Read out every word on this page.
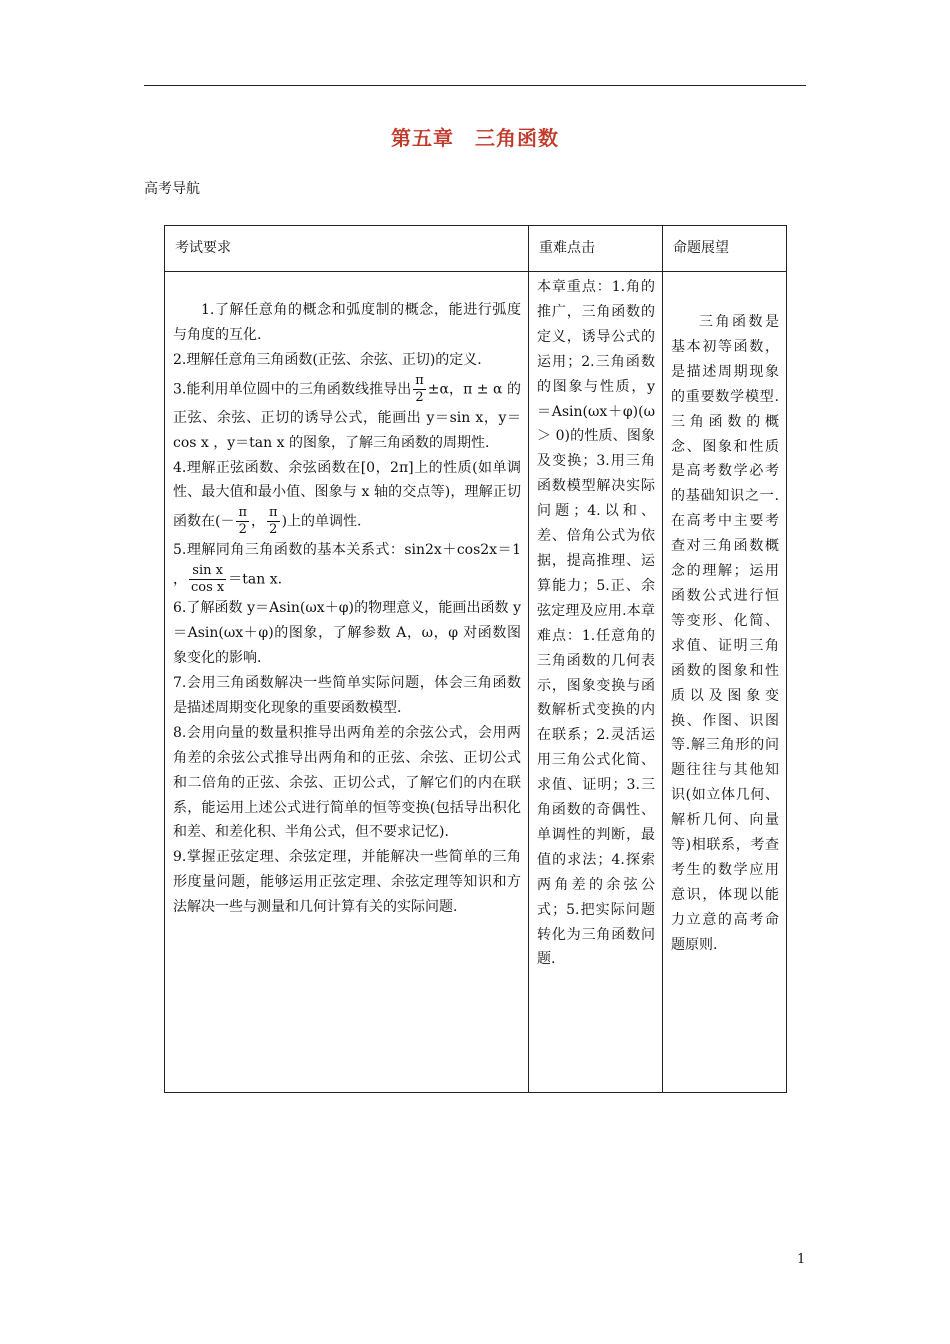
第五章　三角函数
高考导航
考试要求	重难点击	命题展望

1.了解任意角的概念和弧度制的概念，能进行弧度与角度的互化.

2.理解任意角三角函数(正弦、余弦、正切)的定义.

3.能利用单位圆中的三角函数线推导出 $\frac{\pi}{2} \pm\alpha$，π ± α 的正弦、余弦、正切的诱导公式，能画出 y＝sin x，y＝cos x ，y＝tan x 的图象，了解三角函数的周期性.

4.理解正弦函数、余弦函数在[0，2π]上的性质(如单调性、最大值和最小值、图象与 x 轴的交点等)，理解正切函数在(－ $\frac{\pi}{2}$ ， $\frac{\pi}{2}$ )上的单调性.

5.理解同角三角函数的基本关系式：sin2x＋cos2x＝1 ， $\frac{\text{sin x}}{\text{cos x}} =\tan$ x.

6.了解函数 y＝Asin(ωx＋φ)的物理意义，能画出函数 y＝Asin(ωx＋φ)的图象，了解参数 A，ω，φ 对函数图象变化的影响.

7.会用三角函数解决一些简单实际问题，体会三角函数是描述周期变化现象的重要函数模型.

8.会用向量的数量积推导出两角差的余弦公式，会用两角差的余弦公式推导出两角和的正弦、余弦、正切公式和二倍角的正弦、余弦、正切公式，了解它们的内在联系，能运用上述公式进行简单的恒等变换(包括导出积化和差、和差化积、半角公式，但不要求记忆).

9.掌握正弦定理、余弦定理，并能解决一些简单的三角形度量问题，能够运用正弦定理、余弦定理等知识和方法解决一些与测量和几何计算有关的实际问题.

本章重点：1.角的推广，三角函数的定义，诱导公式的运用；2.三角函数的图象与性质，y＝Asin(ωx＋φ)(ω ＞ 0)的性质、图象及变换；3.用三角函数模型解决实际问题；4.以和、差、倍角公式为依据，提高推理、运算能力；5.正、余弦定理及应用.本章难点：1.任意角的三角函数的几何表示，图象变换与函数解析式变换的内在联系；2.灵活运用三角公式化简、求值、证明；3.三角函数的奇偶性、单调性的判断，最值的求法；4.探索两角差的余弦公式；5.把实际问题转化为三角函数问题.

三角函数是基本初等函数，是描述周期现象的重要数学模型.三角函数的概念、图象和性质是高考数学必考的基础知识之一.在高考中主要考查对三角函数概念的理解；运用函数公式进行恒等变形、化简、求值、证明三角函数的图象和性质以及图象变换、作图、识图等.解三角形的问题往往与其他知识(如立体几何、解析几何、向量等)相联系，考查考生的数学应用意识，体现以能力立意的高考命题原则.

1
